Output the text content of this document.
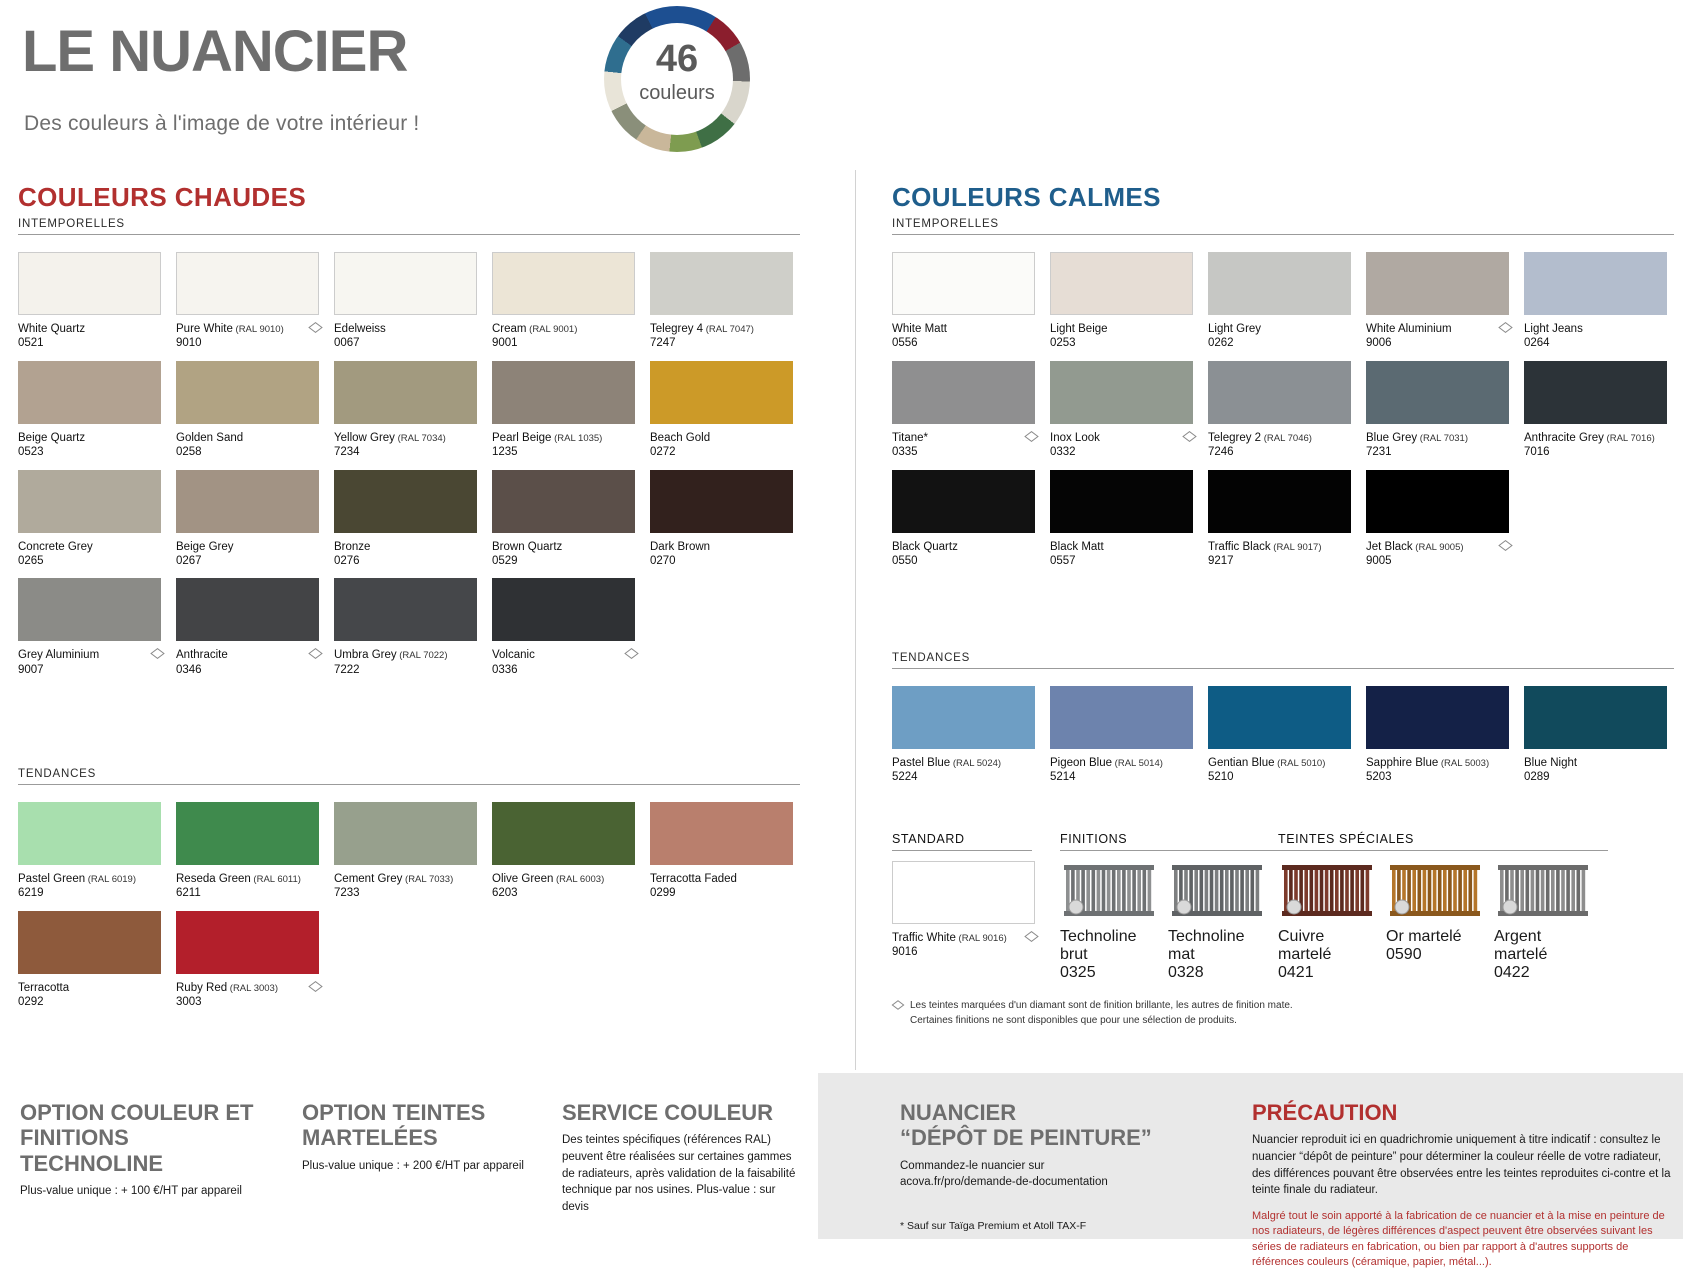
LE NUANCIER
Des couleurs à l'image de votre intérieur !
46
couleurs
COULEURS CHAUDES
INTEMPORELLES
White Quartz
0521
Pure White (RAL 9010)
9010
Edelweiss
0067
Cream (RAL 9001)
9001
Telegrey 4 (RAL 7047)
7247
Beige Quartz
0523
Golden Sand
0258
Yellow Grey (RAL 7034)
7234
Pearl Beige (RAL 1035)
1235
Beach Gold
0272
Concrete Grey
0265
Beige Grey
0267
Bronze
0276
Brown Quartz
0529
Dark Brown
0270
Grey Aluminium
9007
Anthracite
0346
Umbra Grey (RAL 7022)
7222
Volcanic
0336
TENDANCES
Pastel Green (RAL 6019)
6219
Reseda Green (RAL 6011)
6211
Cement Grey (RAL 7033)
7233
Olive Green (RAL 6003)
6203
Terracotta Faded
0299
Terracotta
0292
Ruby Red (RAL 3003)
3003
COULEURS CALMES
INTEMPORELLES
White Matt
0556
Light Beige
0253
Light Grey
0262
White Aluminium
9006
Light Jeans
0264
Titane*
0335
Inox Look
0332
Telegrey 2 (RAL 7046)
7246
Blue Grey (RAL 7031)
7231
Anthracite Grey (RAL 7016)
7016
Black Quartz
0550
Black Matt
0557
Traffic Black (RAL 9017)
9217
Jet Black (RAL 9005)
9005
TENDANCES
Pastel Blue (RAL 5024)
5224
Pigeon Blue (RAL 5014)
5214
Gentian Blue (RAL 5010)
5210
Sapphire Blue (RAL 5003)
5203
Blue Night
0289
STANDARD
Traffic White (RAL 9016)
9016
FINITIONS
Technoline brut
0325
Technoline mat
0328
TEINTES SPÉCIALES
Cuivre martelé
0421
Or martelé
0590
Argent martelé
0422
Les teintes marquées d'un diamant sont de finition brillante, les autres de finition mate.
Certaines finitions ne sont disponibles que pour une sélection de produits.
OPTION COULEUR ET
FINITIONS TECHNOLINE
Plus-value unique : + 100 €/HT par appareil
OPTION TEINTES
MARTELÉES
Plus-value unique : + 200 €/HT par appareil
SERVICE COULEUR
Des teintes spécifiques (références RAL) peuvent être réalisées sur certaines gammes de radiateurs, après validation de la faisabilité technique par nos usines. Plus-value : sur devis
NUANCIER
“DÉPÔT DE PEINTURE”
Commandez-le nuancier sur
acova.fr/pro/demande-de-documentation
* Sauf sur Taïga Premium et Atoll TAX-F
PRÉCAUTION
Nuancier reproduit ici en quadrichromie uniquement à titre indicatif : consultez le nuancier “dépôt de peinture” pour déterminer la couleur réelle de votre radiateur, des différences pouvant être observées entre les teintes reproduites ci-contre et la teinte finale du radiateur.
Malgré tout le soin apporté à la fabrication de ce nuancier et à la mise en peinture de nos radiateurs, de légères différences d'aspect peuvent être observées suivant les séries de radiateurs en fabrication, ou bien par rapport à d'autres supports de références couleurs (céramique, papier, métal...).
